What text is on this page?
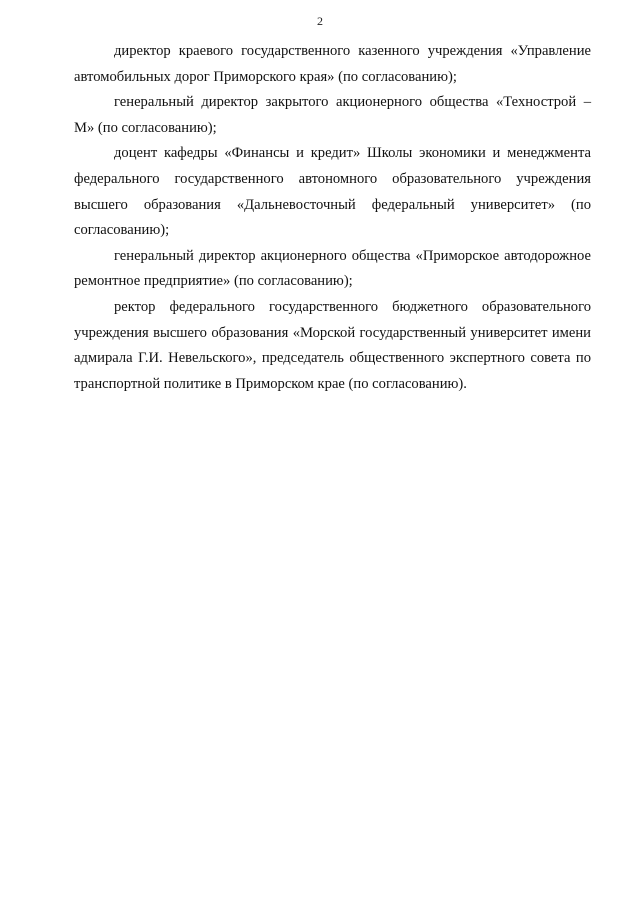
2

директор краевого государственного казенного учреждения «Управление автомобильных дорог Приморского края» (по согласованию);

генеральный директор закрытого акционерного общества «Технострой – М» (по согласованию);

доцент кафедры «Финансы и кредит» Школы экономики и менеджмента федерального государственного автономного образовательного учреждения высшего образования «Дальневосточный федеральный университет» (по согласованию);

генеральный директор акционерного общества «Приморское автодорожное ремонтное предприятие» (по согласованию);

ректор федерального государственного бюджетного образовательного учреждения высшего образования «Морской государственный университет имени адмирала Г.И. Невельского», председатель общественного экспертного совета по транспортной политике в Приморском крае (по согласованию).
